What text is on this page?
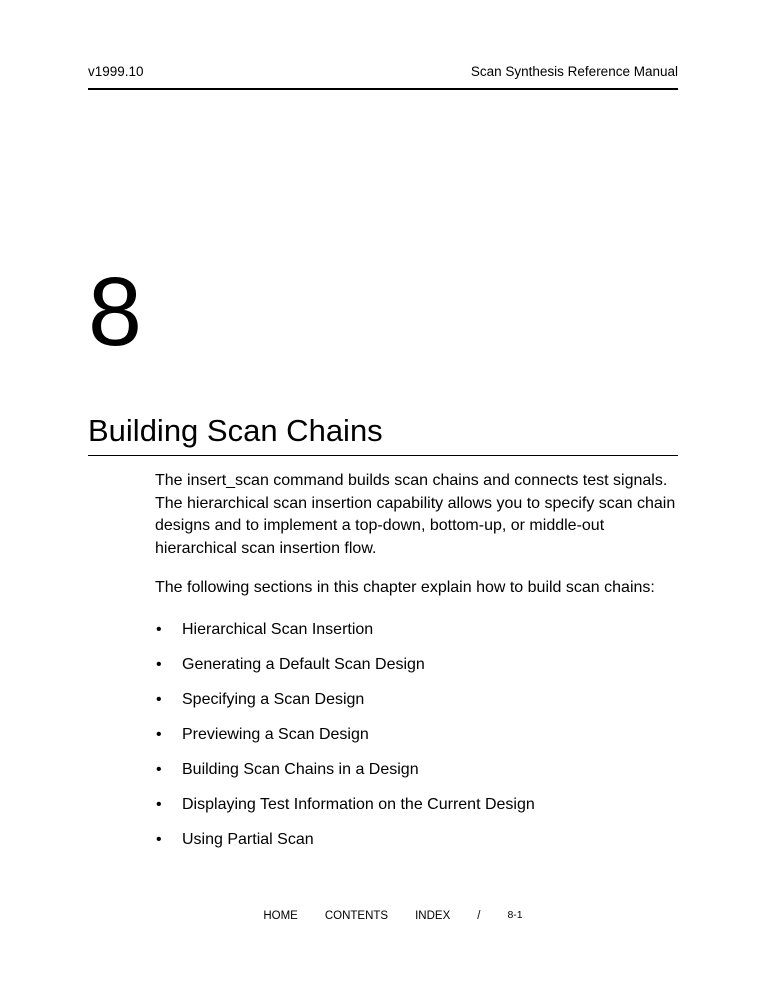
v1999.10	Scan Synthesis Reference Manual
8
Building Scan Chains

The insert_scan command builds scan chains and connects test signals. The hierarchical scan insertion capability allows you to specify scan chain designs and to implement a top-down, bottom-up, or middle-out hierarchical scan insertion flow.

The following sections in this chapter explain how to build scan chains:

• Hierarchical Scan Insertion
• Generating a Default Scan Design
• Specifying a Scan Design
• Previewing a Scan Design
• Building Scan Chains in a Design
• Displaying Test Information on the Current Design
• Using Partial Scan
HOME CONTENTS INDEX /	8-1
